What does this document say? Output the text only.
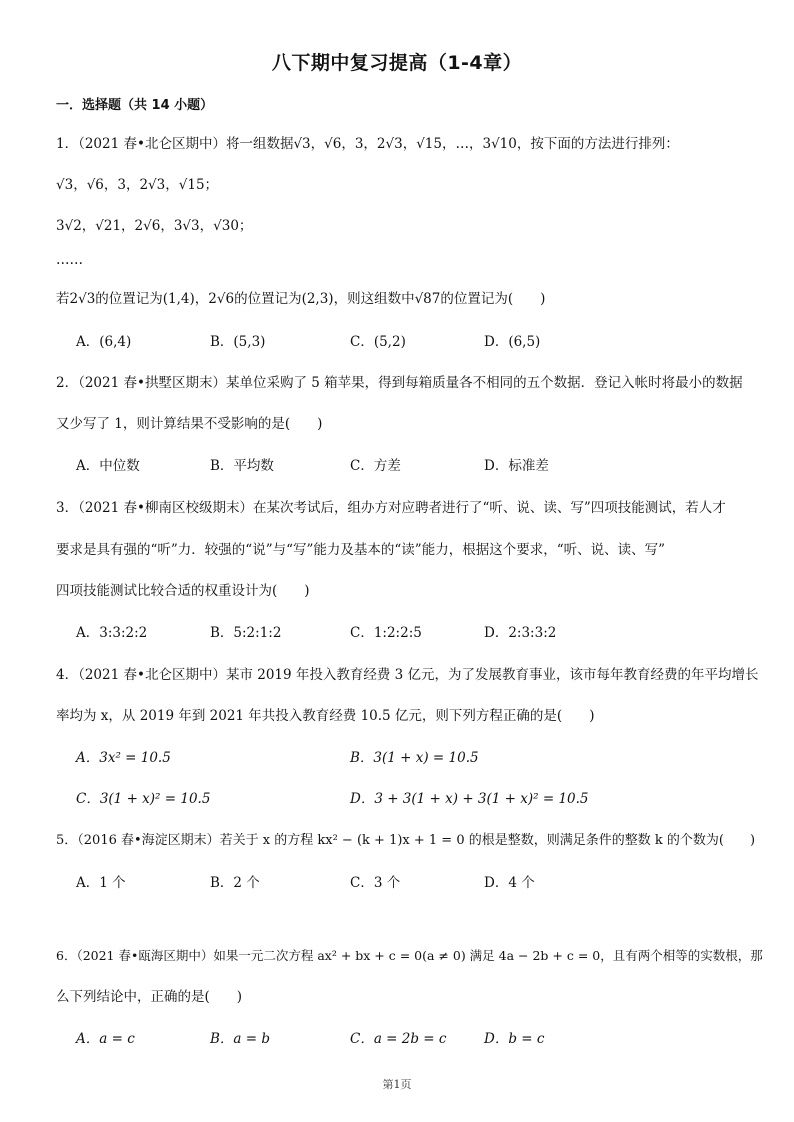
八下期中复习提高（1-4章）
一．选择题（共 14 小题）
1．（2021 春•北仑区期中）将一组数据√3，√6，3，2√3，√15，…，3√10，按下面的方法进行排列：
√3，√6，3，2√3，√15；
3√2，√21，2√6，3√3，√30；
……
若2√3的位置记为(1,4)，2√6的位置记为(2,3)，则这组数中√87的位置记为(　　)
A．(6,4)	B．(5,3)	C．(5,2)	D．(6,5)
2．（2021 春•拱墅区期末）某单位采购了 5 箱苹果，得到每箱质量各不相同的五个数据．登记入帐时将最小的数据
又少写了 1，则计算结果不受影响的是(　　)
A．中位数	B．平均数	C．方差	D．标准差
3．（2021 春•柳南区校级期末）在某次考试后，组办方对应聘者进行了“听、说、读、写”四项技能测试，若人才
要求是具有强的“听”力．较强的“说”与“写”能力及基本的“读”能力，根据这个要求，“听、说、读、写”
四项技能测试比较合适的权重设计为(　　)
A．3:3:2:2	B．5:2:1:2	C．1:2:2:5	D．2:3:3:2
4．（2021 春•北仑区期中）某市 2019 年投入教育经费 3 亿元，为了发展教育事业，该市每年教育经费的年平均增长
率均为 x，从 2019 年到 2021 年共投入教育经费 10.5 亿元，则下列方程正确的是(　　)
A．3x² = 10.5	B．3(1 + x) = 10.5
C．3(1 + x)² = 10.5	D．3 + 3(1 + x) + 3(1 + x)² = 10.5
5．（2016 春•海淀区期末）若关于 x 的方程 kx² − (k + 1)x + 1 = 0 的根是整数，则满足条件的整数 k 的个数为(　　)
A．1 个	B．2 个	C．3 个	D．4 个
6．（2021 春•瓯海区期中）如果一元二次方程 ax² + bx + c = 0(a ≠ 0) 满足 4a − 2b + c = 0，且有两个相等的实数根，那
么下列结论中，正确的是(　　)
A．a = c	B．a = b	C．a = 2b = c	D．b = c
第1页
